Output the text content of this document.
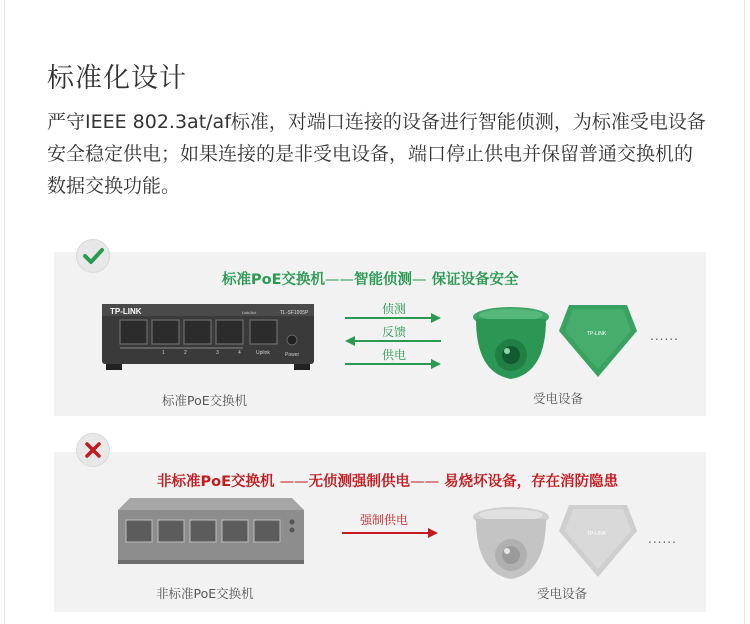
标准化设计
严守IEEE 802.3at/af标准，对端口连接的设备进行智能侦测，为标准受电设备安全稳定供电；如果连接的是非受电设备，端口停止供电并保留普通交换机的数据交换功能。
标准PoE交换机——智能侦测— 保证设备安全
TP-LINK	TL-SF1005P
Link/Act
1	2	3	4	Uplink	Power
侦测
反馈
供电
TP-LINK	......
标准PoE交换机	受电设备
非标准PoE交换机 ——无侦测强制供电—— 易烧坏设备，存在消防隐患
强制供电
TP-LINK	......
非标准PoE交换机	受电设备
